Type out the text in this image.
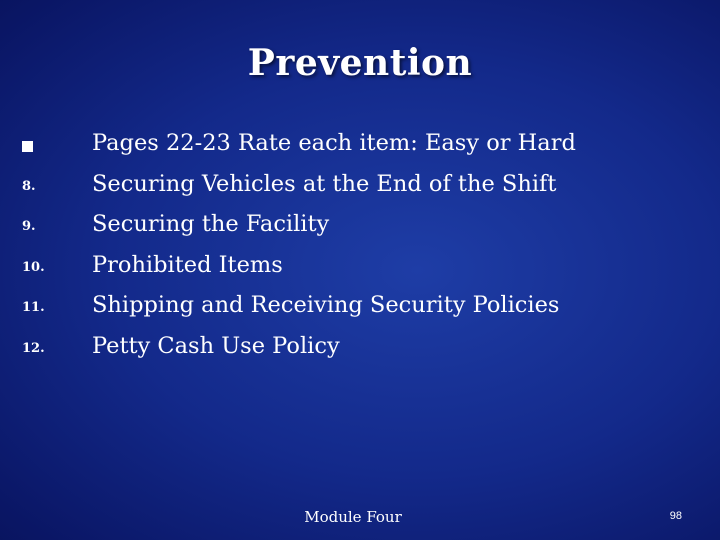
Prevention
Pages 22-23 Rate each item: Easy or Hard
8.	Securing Vehicles at the End of the Shift
9.	Securing the Facility
10. Prohibited Items
11. Shipping and Receiving Security Policies
12. Petty Cash Use Policy
Module Four	98
